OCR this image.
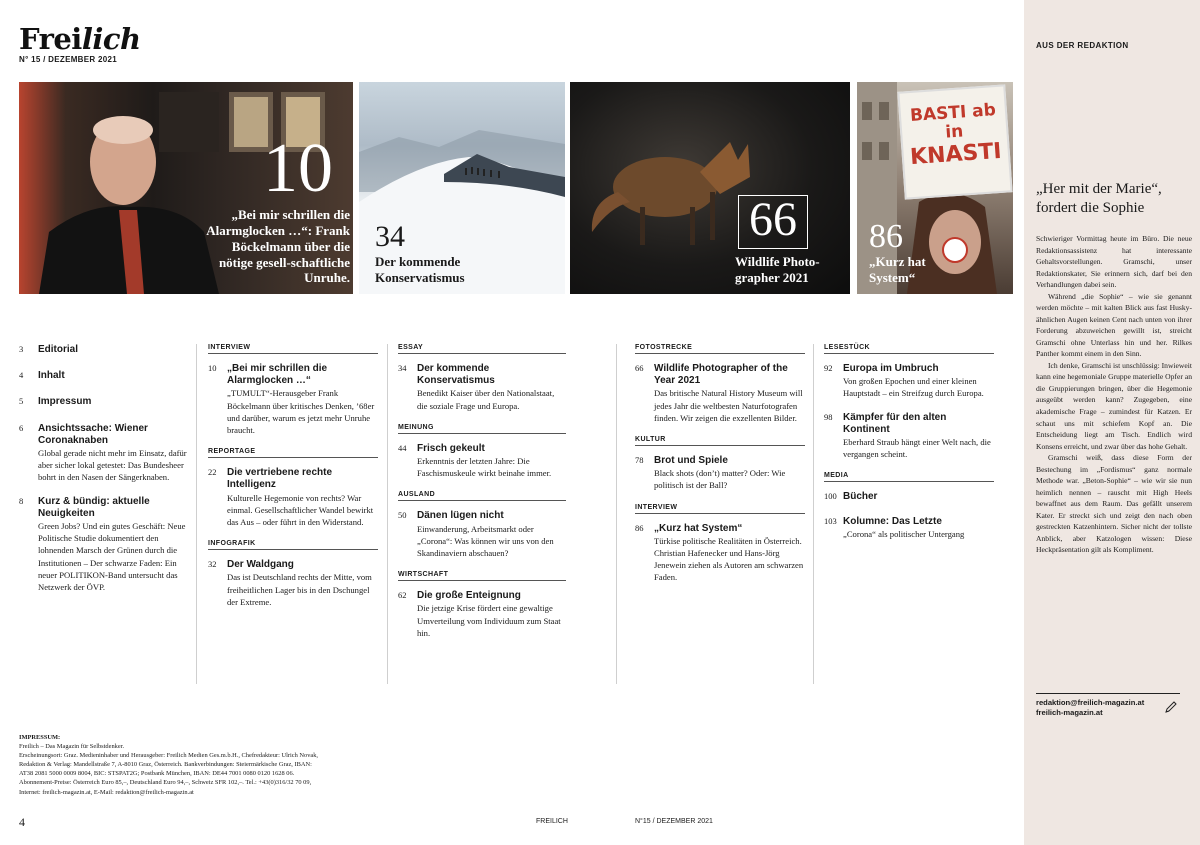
Freilich
N° 15 / DEZEMBER 2021
10
„Bei mir schrillen die Alarmglocken …“: Frank Böckelmann über die nötige gesell-schaftliche Unruhe.
34
Der kommende Konservatismus
66
Wildlife Photo-grapher 2021
BASTI ab in
KNASTI
86
„Kurz hat System“
3 Editorial
4 Inhalt
5 Impressum
6 Ansichtssache: Wiener Coronaknaben
Global gerade nicht mehr im Einsatz, dafür aber sicher lokal getestet: Das Bundesheer bohrt in den Nasen der Sängerknaben.
8 Kurz & bündig: aktuelle Neuigkeiten
Green Jobs? Und ein gutes Geschäft: Neue Politische Studie dokumentiert den lohnenden Marsch der Grünen durch die Institutionen – Der schwarze Faden: Ein neuer POLITIKON-Band untersucht das Netzwerk der ÖVP.
INTERVIEW
10 „Bei mir schrillen die Alarmglocken …“
„TUMULT“-Herausgeber Frank Böckelmann über kritisches Denken, ’68er und darüber, warum es jetzt mehr Unruhe braucht.
REPORTAGE
22 Die vertriebene rechte Intelligenz
Kulturelle Hegemonie von rechts? War einmal. Gesellschaftlicher Wandel bewirkt das Aus – oder führt in den Widerstand.
INFOGRAFIK
32 Der Waldgang
Das ist Deutschland rechts der Mitte, vom freiheitlichen Lager bis in den Dschungel der Extreme.
ESSAY
34 Der kommende Konservatismus
Benedikt Kaiser über den Nationalstaat, die soziale Frage und Europa.
MEINUNG
44 Frisch gekeult
Erkenntnis der letzten Jahre: Die Faschismuskeule wirkt beinahe immer.
AUSLAND
50 Dänen lügen nicht
Einwanderung, Arbeitsmarkt oder „Corona“: Was können wir uns von den Skandinaviern abschauen?
WIRTSCHAFT
62 Die große Enteignung
Die jetzige Krise fördert eine gewaltige Umverteilung vom Individuum zum Staat hin.
FOTOSTRECKE
66 Wildlife Photographer of the Year 2021
Das britische Natural History Museum will jedes Jahr die weltbesten Naturfotografen finden. Wir zeigen die exzellenten Bilder.
KULTUR
78 Brot und Spiele
Black shots (don’t) matter? Oder: Wie politisch ist der Ball?
INTERVIEW
86 „Kurz hat System“
Türkise politische Realitäten in Österreich. Christian Hafenecker und Hans-Jörg Jenewein ziehen als Autoren am schwarzen Faden.
LESESTÜCK
92 Europa im Umbruch
Von großen Epochen und einer kleinen Hauptstadt – ein Streifzug durch Europa.
98 Kämpfer für den alten Kontinent
Eberhard Straub hängt einer Welt nach, die vergangen scheint.
MEDIA
100 Bücher
103 Kolumne: Das Letzte
„Corona“ als politischer Untergang
AUS DER REDAKTION
„Her mit der Marie“, fordert die Sophie

Schwieriger Vormittag heute im Büro. Die neue Redaktionsassistenz hat interessante Gehaltsvorstellungen. Gramschi, unser Redaktionskater, Sie erinnern sich, darf bei den Verhandlungen dabei sein.

Während „die Sophie“ – wie sie genannt werden möchte – mit kalten Blick aus fast Husky-ähnlichen Augen keinen Cent nach unten von ihrer Forderung abzuweichen gewillt ist, streicht Gramschi ohne Unterlass hin und her. Rilkes Panther kommt einem in den Sinn.

Ich denke, Gramschi ist unschlüssig: Inwieweit kann eine hegemoniale Gruppe materielle Opfer an die Gruppierungen bringen, über die Hegemonie ausgeübt werden kann? Zugegeben, eine akademische Frage – zumindest für Katzen. Er schaut uns mit schiefem Kopf an. Die Entscheidung liegt am Tisch. Endlich wird Konsens erreicht, und zwar über das hohe Gehalt.

Gramschi weiß, dass diese Form der Bestechung im „Fordismus“ ganz normale Methode war. „Beton-Sophie“ – wie wir sie nun heimlich nennen – rauscht mit High Heels bewaffnet aus dem Raum. Das gefällt unserem Kater. Er streckt sich und zeigt den nach oben gestreckten Katzenhintern. Sicher nicht der tollste Anblick, aber Katzologen wissen: Diese Heckpräsentation gilt als Kompliment.

redaktion@freilich-magazin.at
freilich-magazin.at
IMPRESSUM:
Freilich – Das Magazin für Selbstdenker.
Erscheinungsort: Graz. Medieninhaber und Herausgeber: Freilich Medien Ges.m.b.H., Chefredakteur: Ulrich Novak,
Redaktion & Verlag: Mandellstraße 7, A-8010 Graz, Österreich. Bankverbindungen: Steiermärkische Graz, IBAN:
AT38 2081 5000 0009 8004, BIC: STSPAT2G; Postbank München, IBAN: DE44 7001 0080 0120 1628 06.
Abonnement-Preise: Österreich Euro 85,–, Deutschland Euro 94,–, Schweiz SFR 102,–. Tel.: +43(0)316/32 70 09,
Internet: freilich-magazin.at, E-Mail: redaktion@freilich-magazin.at
4	FREILICH	N°15 / DEZEMBER 2021
